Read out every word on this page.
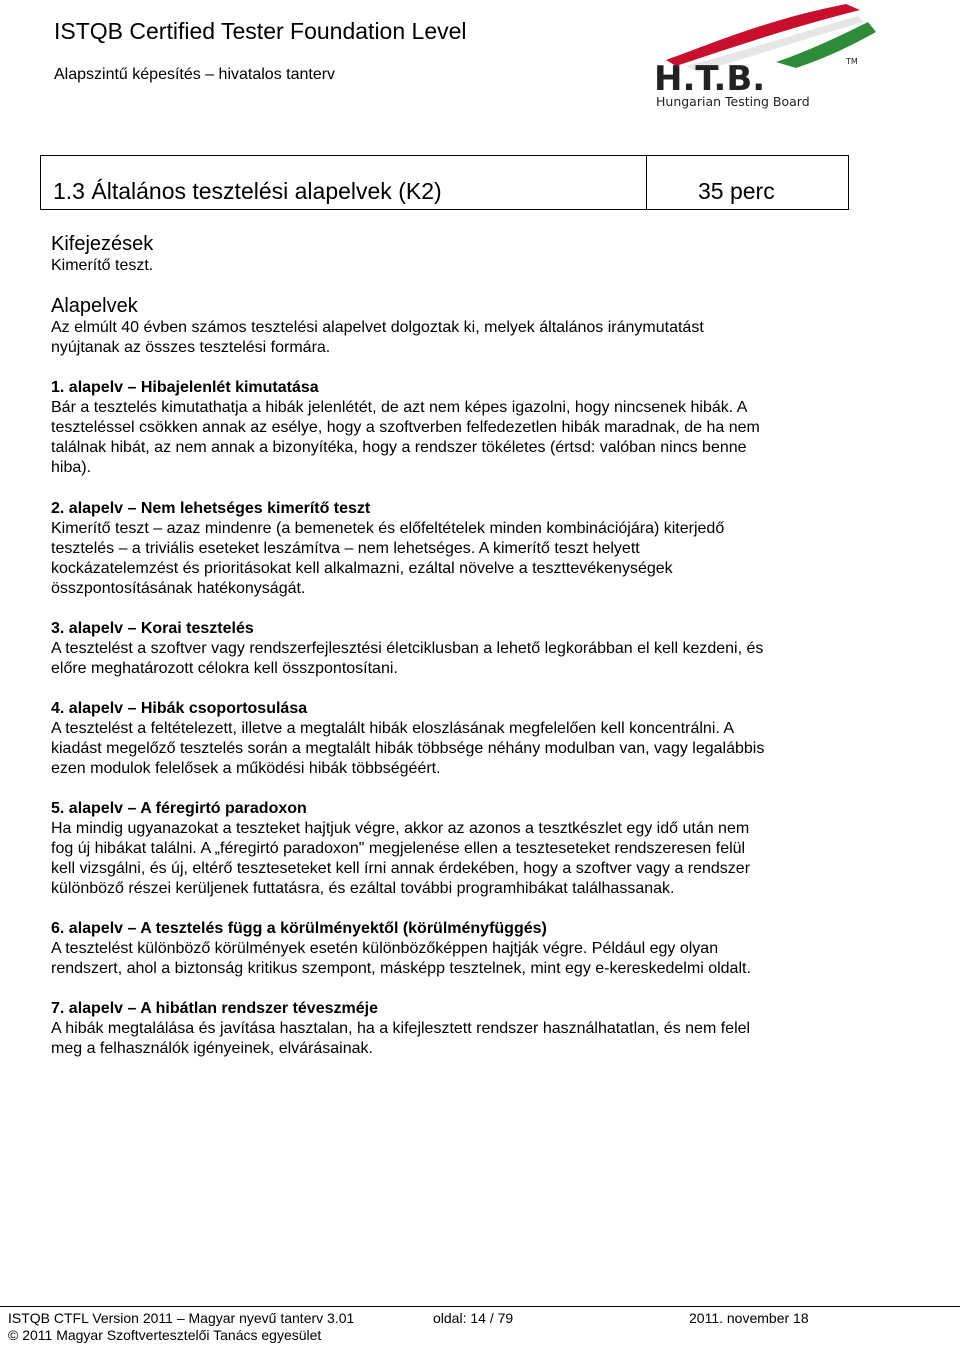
ISTQB Certified Tester Foundation Level
Alapszintű képesítés – hivatalos tanterv	H.T.B.	TM
Hungarian Testing Board
1.3 Általános tesztelési alapelvek (K2)	35 perc

Kifejezések

Kimerítő teszt.

Alapelvek

Az elmúlt 40 évben számos tesztelési alapelvet dolgoztak ki, melyek általános iránymutatást

nyújtanak az összes tesztelési formára.

1. alapelv – Hibajelenlét kimutatása

Bár a tesztelés kimutathatja a hibák jelenlétét, de azt nem képes igazolni, hogy nincsenek hibák. A

teszteléssel csökken annak az esélye, hogy a szoftverben felfedezetlen hibák maradnak, de ha nem

találnak hibát, az nem annak a bizonyítéka, hogy a rendszer tökéletes (értsd: valóban nincs benne

hiba).

2. alapelv – Nem lehetséges kimerítő teszt

Kimerítő teszt – azaz mindenre (a bemenetek és előfeltételek minden kombinációjára) kiterjedő

tesztelés – a triviális eseteket leszámítva – nem lehetséges. A kimerítő teszt helyett

kockázatelemzést és prioritásokat kell alkalmazni, ezáltal növelve a teszttevékenységek

összpontosításának hatékonyságát.

3. alapelv – Korai tesztelés

A tesztelést a szoftver vagy rendszerfejlesztési életciklusban a lehető legkorábban el kell kezdeni, és

előre meghatározott célokra kell összpontosítani.

4. alapelv – Hibák csoportosulása

A tesztelést a feltételezett, illetve a megtalált hibák eloszlásának megfelelően kell koncentrálni. A

kiadást megelőző tesztelés során a megtalált hibák többsége néhány modulban van, vagy legalábbis

ezen modulok felelősek a működési hibák többségéért.

5. alapelv – A féregirtó paradoxon

Ha mindig ugyanazokat a teszteket hajtjuk végre, akkor az azonos a tesztkészlet egy idő után nem

fog új hibákat találni. A „féregirtó paradoxon" megjelenése ellen a teszteseteket rendszeresen felül

kell vizsgálni, és új, eltérő teszteseteket kell írni annak érdekében, hogy a szoftver vagy a rendszer

különböző részei kerüljenek futtatásra, és ezáltal további programhibákat találhassanak.

6. alapelv – A tesztelés függ a körülményektől (körülményfüggés)

A tesztelést különböző körülmények esetén különbözőképpen hajtják végre. Például egy olyan

rendszert, ahol a biztonság kritikus szempont, másképp tesztelnek, mint egy e-kereskedelmi oldalt.

7. alapelv – A hibátlan rendszer téveszméje

A hibák megtalálása és javítása hasztalan, ha a kifejlesztett rendszer használhatatlan, és nem felel

meg a felhasználók igényeinek, elvárásainak.

ISTQB CTFL Version 2011 – Magyar nyevű tanterv 3.01	oldal: 14 / 79	2011. november 18
© 2011 Magyar Szoftvertesztelői Tanács egyesület
